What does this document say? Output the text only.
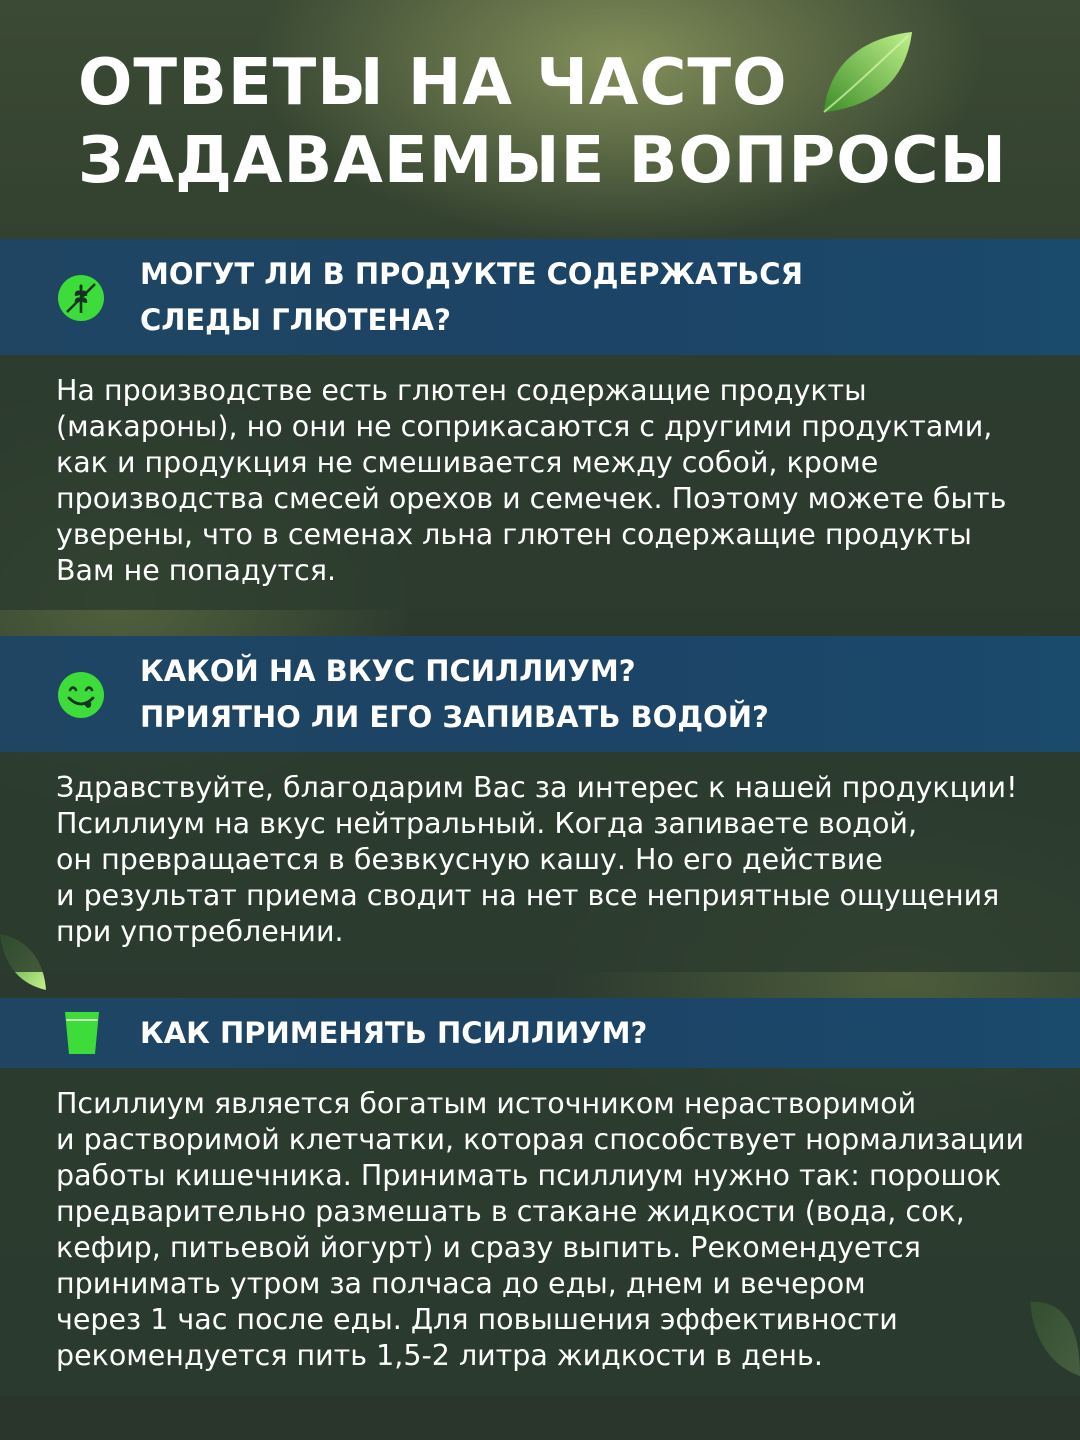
ОТВЕТЫ НА ЧАСТО
ЗАДАВАЕМЫЕ ВОПРОСЫ
МОГУТ ЛИ В ПРОДУКТЕ СОДЕРЖАТЬСЯ
СЛЕДЫ ГЛЮТЕНА?

На производстве есть глютен содержащие продукты
(макароны), но они не соприкасаются с другими продуктами,
как и продукция не смешивается между собой, кроме
производства смесей орехов и семечек. Поэтому можете быть
уверены, что в семенах льна глютен содержащие продукты
Вам не попадутся.

КАКОЙ НА ВКУС ПСИЛЛИУМ?
ПРИЯТНО ЛИ ЕГО ЗАПИВАТЬ ВОДОЙ?

Здравствуйте, благодарим Вас за интерес к нашей продукции!
Псиллиум на вкус нейтральный. Когда запиваете водой,
он превращается в безвкусную кашу. Но его действие
и результат приема сводит на нет все неприятные ощущения
при употреблении.

КАК ПРИМЕНЯТЬ ПСИЛЛИУМ?

Псиллиум является богатым источником нерастворимой
и растворимой клетчатки, которая способствует нормализации
работы кишечника. Принимать псиллиум нужно так: порошок
предварительно размешать в стакане жидкости (вода, сок,
кефир, питьевой йогурт) и сразу выпить. Рекомендуется
принимать утром за полчаса до еды, днем и вечером
через 1 час после еды. Для повышения эффективности
рекомендуется пить 1,5-2 литра жидкости в день.
